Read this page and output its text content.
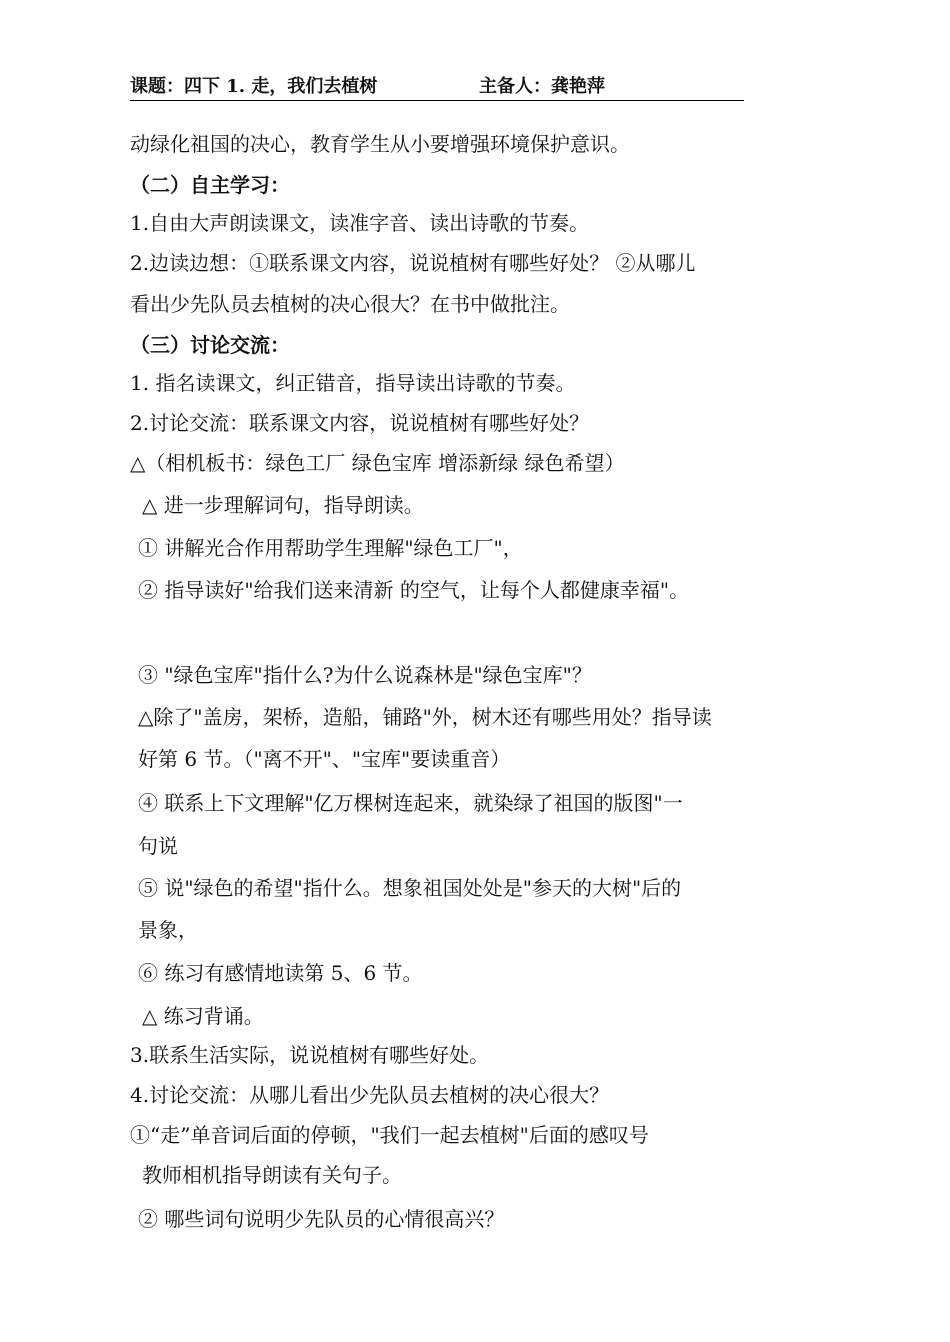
课题：四下 1. 走，我们去植树	主备人：龚艳萍
动绿化祖国的决心，教育学生从小要增强环境保护意识。
（二）自主学习：
1.自由大声朗读课文，读准字音、读出诗歌的节奏。
2.边读边想：①联系课文内容，说说植树有哪些好处？ ②从哪儿
看出少先队员去植树的决心很大？在书中做批注。
（三）讨论交流：
1. 指名读课文，纠正错音，指导读出诗歌的节奏。
2.讨论交流：联系课文内容，说说植树有哪些好处？
△（相机板书：绿色工厂 绿色宝库 增添新绿 绿色希望）
△ 进一步理解词句，指导朗读。
① 讲解光合作用帮助学生理解"绿色工厂"，
② 指导读好"给我们送来清新 的空气，让每个人都健康幸福"。
③ "绿色宝库"指什么?为什么说森林是"绿色宝库"？
△除了"盖房，架桥，造船，铺路"外，树木还有哪些用处？指导读
好第 6 节。（"离不开"、"宝库"要读重音）
④ 联系上下文理解"亿万棵树连起来，就染绿了祖国的版图"一
句说
⑤ 说"绿色的希望"指什么。想象祖国处处是"参天的大树"后的
景象，
⑥ 练习有感情地读第 5、6 节。
△ 练习背诵。
3.联系生活实际，说说植树有哪些好处。
4.讨论交流：从哪儿看出少先队员去植树的决心很大？
①“走”单音词后面的停顿，"我们一起去植树"后面的感叹号
教师相机指导朗读有关句子。
② 哪些词句说明少先队员的心情很高兴？
